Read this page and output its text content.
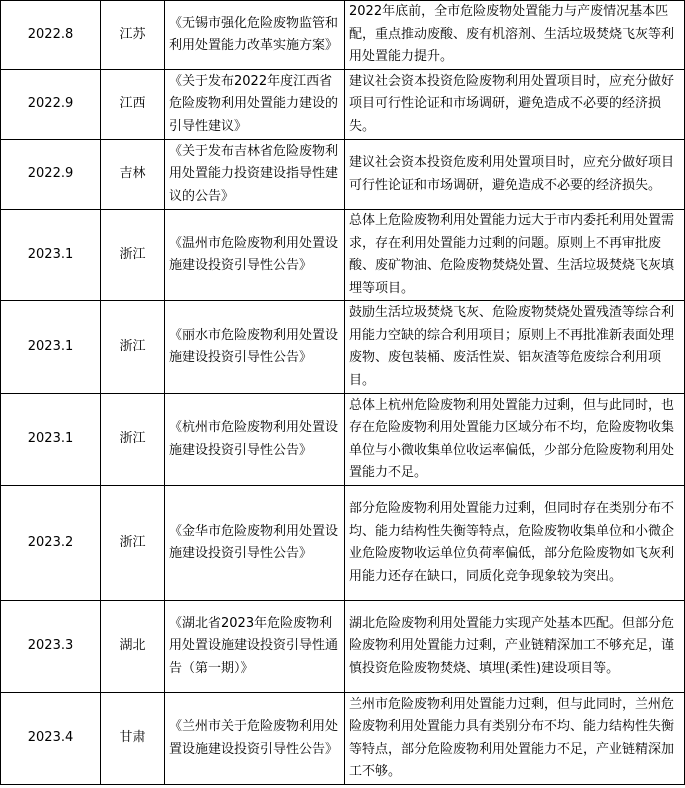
2022.8	江苏	《无锡市强化危险废物监管和利用处置能力改革实施方案》	2022年底前，全市危险废物处置能力与产废情况基本匹配，重点推动废酸、废有机溶剂、生活垃圾焚烧飞灰等利用处置能力提升。
2022.9	江西	《关于发布2022年度江西省危险废物利用处置能力建设的引导性建议》	建议社会资本投资危险废物利用处置项目时，应充分做好项目可行性论证和市场调研，避免造成不必要的经济损失。
2022.9	吉林	《关于发布吉林省危险废物利用处置能力投资建设指导性建议的公告》	建议社会资本投资危废利用处置项目时，应充分做好项目可行性论证和市场调研，避免造成不必要的经济损失。
2023.1	浙江	《温州市危险废物利用处置设施建设投资引导性公告》	总体上危险废物利用处置能力远大于市内委托利用处置需求，存在利用处置能力过剩的问题。原则上不再审批废酸、废矿物油、危险废物焚烧处置、生活垃圾焚烧飞灰填埋等项目。
2023.1	浙江	《丽水市危险废物利用处置设施建设投资引导性公告》	鼓励生活垃圾焚烧飞灰、危险废物焚烧处置残渣等综合利用能力空缺的综合利用项目；原则上不再批准新表面处理废物、废包装桶、废活性炭、铝灰渣等危废综合利用项目。
2023.1	浙江	《杭州市危险废物利用处置设施建设投资引导性公告》	总体上杭州危险废物利用处置能力过剩，但与此同时，也存在危险废物利用处置能力区域分布不均，危险废物收集单位与小微收集单位收运率偏低，少部分危险废物利用处置能力不足。
2023.2	浙江	《金华市危险废物利用处置设施建设投资引导性公告》	部分危险废物利用处置能力过剩，但同时存在类别分布不均、能力结构性失衡等特点，危险废物收集单位和小微企业危险废物收运单位负荷率偏低，部分危险废物如飞灰利用能力还存在缺口，同质化竞争现象较为突出。
2023.3	湖北	《湖北省2023年危险废物利用处置设施建设投资引导性通告（第一期）》	湖北危险废物利用处置能力实现产处基本匹配。但部分危险废物利用处置能力过剩，产业链精深加工不够充足，谨慎投资危险废物焚烧、填埋(柔性)建设项目等。
2023.4	甘肃	《兰州市关于危险废物利用处置设施建设投资引导性公告》	兰州市危险废物利用处置能力过剩，但与此同时，兰州危险废物利用处置能力具有类别分布不均、能力结构性失衡等特点，部分危险废物利用处置能力不足，产业链精深加工不够。
